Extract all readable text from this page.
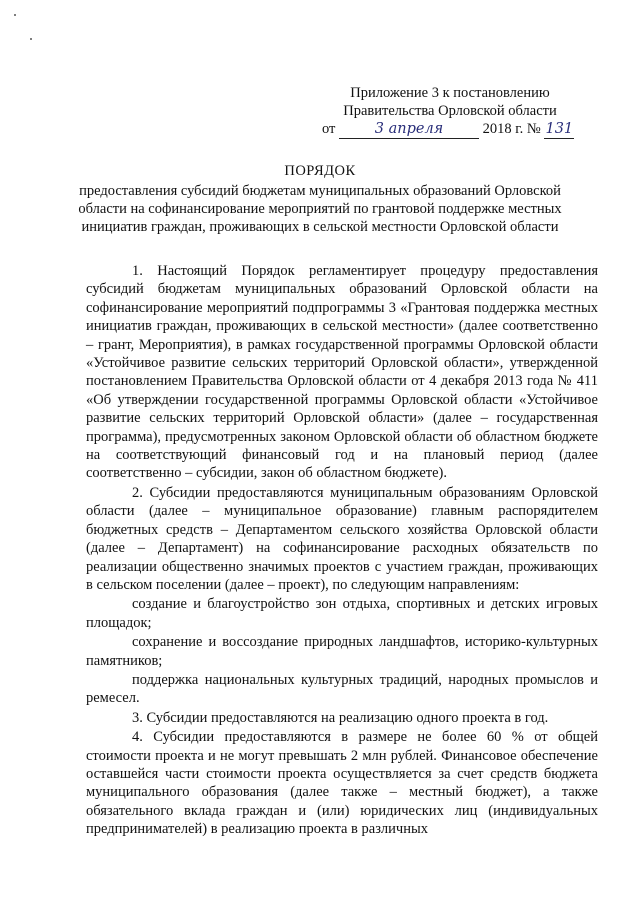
Приложение 3 к постановлению
Правительства Орловской области
от	3 апреля	2018 г. № 131
ПОРЯДОК
предоставления субсидий бюджетам муниципальных образований Орловской области на софинансирование мероприятий по грантовой поддержке местных инициатив граждан, проживающих в сельской местности Орловской области

1. Настоящий Порядок регламентирует процедуру предоставления субсидий бюджетам муниципальных образований Орловской области на софинансирование мероприятий подпрограммы 3 «Грантовая поддержка местных инициатив граждан, проживающих в сельской местности» (далее соответственно – грант, Мероприятия), в рамках государственной программы Орловской области «Устойчивое развитие сельских территорий Орловской области», утвержденной постановлением Правительства Орловской области от 4 декабря 2013 года № 411 «Об утверждении государственной программы Орловской области «Устойчивое развитие сельских территорий Орловской области» (далее – государственная программа), предусмотренных законом Орловской области об областном бюджете на соответствующий финансовый год и на плановый период (далее соответственно – субсидии, закон об областном бюджете).

2. Субсидии предоставляются муниципальным образованиям Орловской области (далее – муниципальное образование) главным распорядителем бюджетных средств – Департаментом сельского хозяйства Орловской области (далее – Департамент) на софинансирование расходных обязательств по реализации общественно значимых проектов с участием граждан, проживающих в сельском поселении (далее – проект), по следующим направлениям:

создание и благоустройство зон отдыха, спортивных и детских игровых площадок;

сохранение и воссоздание природных ландшафтов, историко-культурных памятников;

поддержка национальных культурных традиций, народных промыслов и ремесел.

3. Субсидии предоставляются на реализацию одного проекта в год.

4. Субсидии предоставляются в размере не более 60 % от общей стоимости проекта и не могут превышать 2 млн рублей. Финансовое обеспечение оставшейся части стоимости проекта осуществляется за счет средств бюджета муниципального образования (далее также – местный бюджет), а также обязательного вклада граждан и (или) юридических лиц (индивидуальных предпринимателей) в реализацию проекта в различных
